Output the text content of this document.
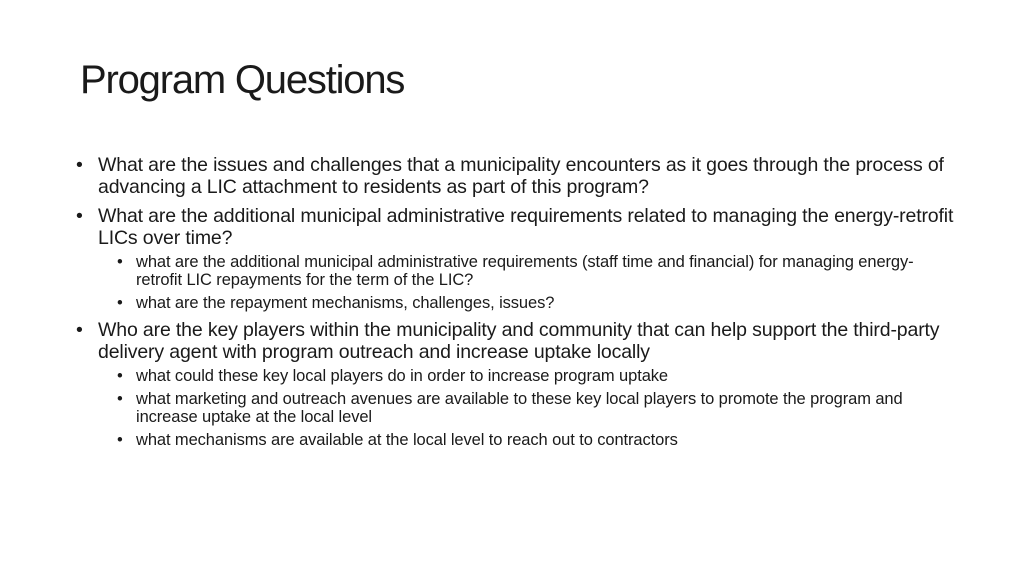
Program Questions
• What are the issues and challenges that a municipality encounters as it goes through the process of advancing a LIC attachment to residents as part of this program?
• What are the additional municipal administrative requirements related to managing the energy-retrofit LICs over time?
• what are the additional municipal administrative requirements (staff time and financial) for managing energy-retrofit LIC repayments for the term of the LIC?
• what are the repayment mechanisms, challenges, issues?
• Who are the key players within the municipality and community that can help support the third-party delivery agent with program outreach and increase uptake locally
• what could these key local players do in order to increase program uptake
• what marketing and outreach avenues are available to these key local players to promote the program and increase uptake at the local level
• what mechanisms are available at the local level to reach out to contractors
